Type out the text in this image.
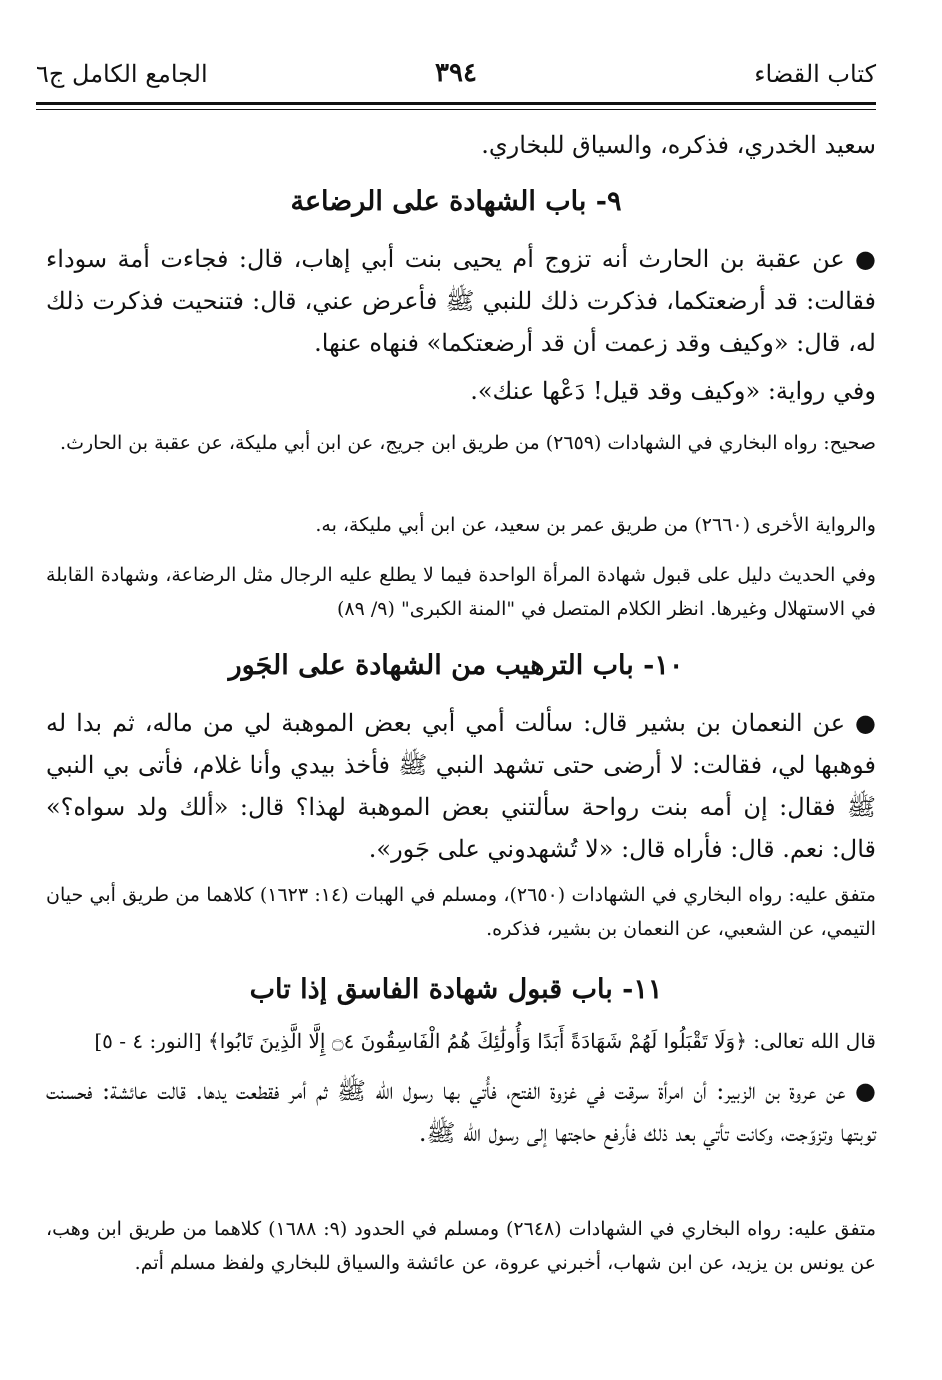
كتاب القضاء
٣٩٤
الجامع الكامل ج٦
سعيد الخدري، فذكره، والسياق للبخاري.
٩- باب الشهادة على الرضاعة
● عن عقبة بن الحارث أنه تزوج أم يحيى بنت أبي إهاب، قال: فجاءت أمة سوداء فقالت: قد أرضعتكما، فذكرت ذلك للنبي ﷺ فأعرض عني، قال: فتنحيت فذكرت ذلك له، قال: «وكيف وقد زعمت أن قد أرضعتكما» فنهاه عنها.
وفي رواية: «وكيف وقد قيل! دَعْها عنك».
صحيح: رواه البخاري في الشهادات (٢٦٥٩) من طريق ابن جريج، عن ابن أبي مليكة، عن عقبة بن الحارث.
والرواية الأخرى (٢٦٦٠) من طريق عمر بن سعيد، عن ابن أبي مليكة، به.
وفي الحديث دليل على قبول شهادة المرأة الواحدة فيما لا يطلع عليه الرجال مثل الرضاعة، وشهادة القابلة في الاستهلال وغيرها. انظر الكلام المتصل في "المنة الكبرى" (٩/ ٨٩)
١٠- باب الترهيب من الشهادة على الجَور
● عن النعمان بن بشير قال: سألت أمي أبي بعض الموهبة لي من ماله، ثم بدا له فوهبها لي، فقالت: لا أرضى حتى تشهد النبي ﷺ فأخذ بيدي وأنا غلام، فأتى بي النبي ﷺ فقال: إن أمه بنت رواحة سألتني بعض الموهبة لهذا؟ قال: «ألك ولد سواه؟» قال: نعم. قال: فأراه قال: «لا تُشهدوني على جَور».
متفق عليه: رواه البخاري في الشهادات (٢٦٥٠)، ومسلم في الهبات (١٤: ١٦٢٣) كلاهما من طريق أبي حيان التيمي، عن الشعبي، عن النعمان بن بشير، فذكره.
١١- باب قبول شهادة الفاسق إذا تاب
قال الله تعالى: ﴿وَلَا تَقْبَلُوا لَهُمْ شَهَادَةً أَبَدًا وَأُولَٰئِكَ هُمُ الْفَاسِقُونَ ۝٤ إِلَّا الَّذِينَ تَابُوا﴾ [النور: ٤ - ٥]
● عن عروة بن الزبير: أن امرأة سرقت في غزوة الفتح، فأُتي بها رسول الله ﷺ ثم أمر فقطعت يدها. قالت عائشة: فحسنت توبتها وتزوّجت، وكانت تأتي بعد ذلك فأرفع حاجتها إلى رسول الله ﷺ.
متفق عليه: رواه البخاري في الشهادات (٢٦٤٨) ومسلم في الحدود (٩: ١٦٨٨) كلاهما من طريق ابن وهب، عن يونس بن يزيد، عن ابن شهاب، أخبرني عروة، عن عائشة والسياق للبخاري ولفظ مسلم أتم.
